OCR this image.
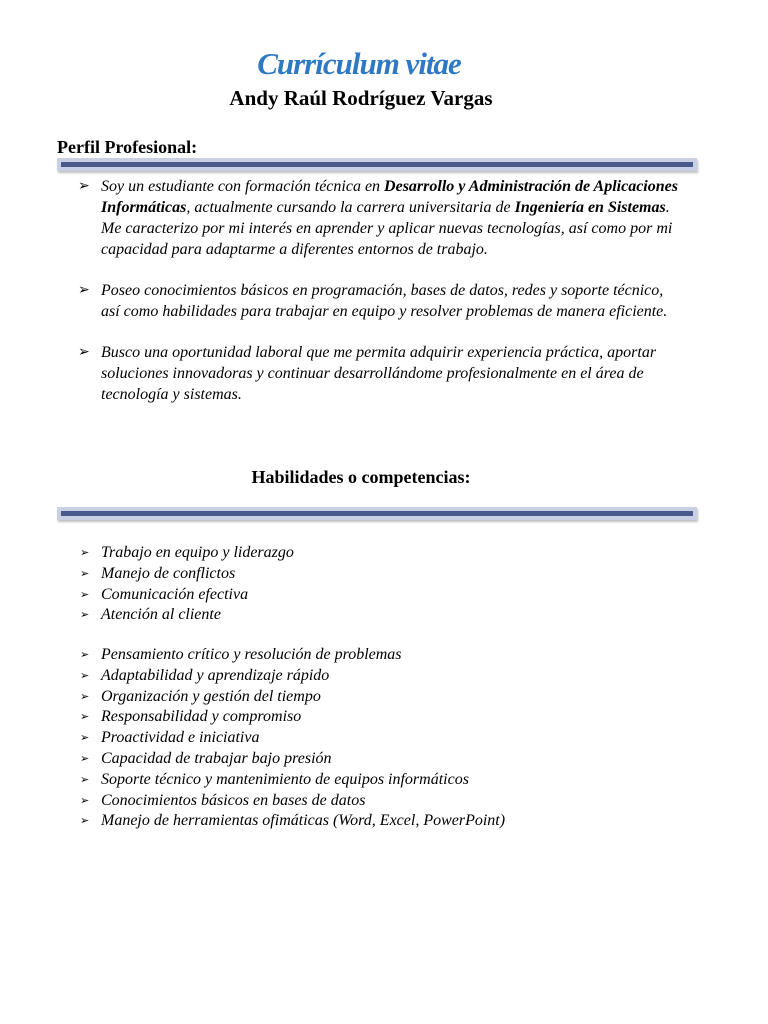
Currículum vitae
Andy Raúl Rodríguez Vargas
Perfil Profesional:
➢ Soy un estudiante con formación técnica en Desarrollo y Administración de Aplicaciones Informáticas, actualmente cursando la carrera universitaria de Ingeniería en Sistemas. Me caracterizo por mi interés en aprender y aplicar nuevas tecnologías, así como por mi capacidad para adaptarme a diferentes entornos de trabajo.
➢ Poseo conocimientos básicos en programación, bases de datos, redes y soporte técnico, así como habilidades para trabajar en equipo y resolver problemas de manera eficiente.
➢ Busco una oportunidad laboral que me permita adquirir experiencia práctica, aportar soluciones innovadoras y continuar desarrollándome profesionalmente en el área de tecnología y sistemas.
Habilidades o competencias:
➢ Trabajo en equipo y liderazgo
➢ Manejo de conflictos
➢ Comunicación efectiva
➢ Atención al cliente
➢ Pensamiento crítico y resolución de problemas
➢ Adaptabilidad y aprendizaje rápido
➢ Organización y gestión del tiempo
➢ Responsabilidad y compromiso
➢ Proactividad e iniciativa
➢ Capacidad de trabajar bajo presión
➢ Soporte técnico y mantenimiento de equipos informáticos
➢ Conocimientos básicos en bases de datos
➢ Manejo de herramientas ofimáticas (Word, Excel, PowerPoint)
